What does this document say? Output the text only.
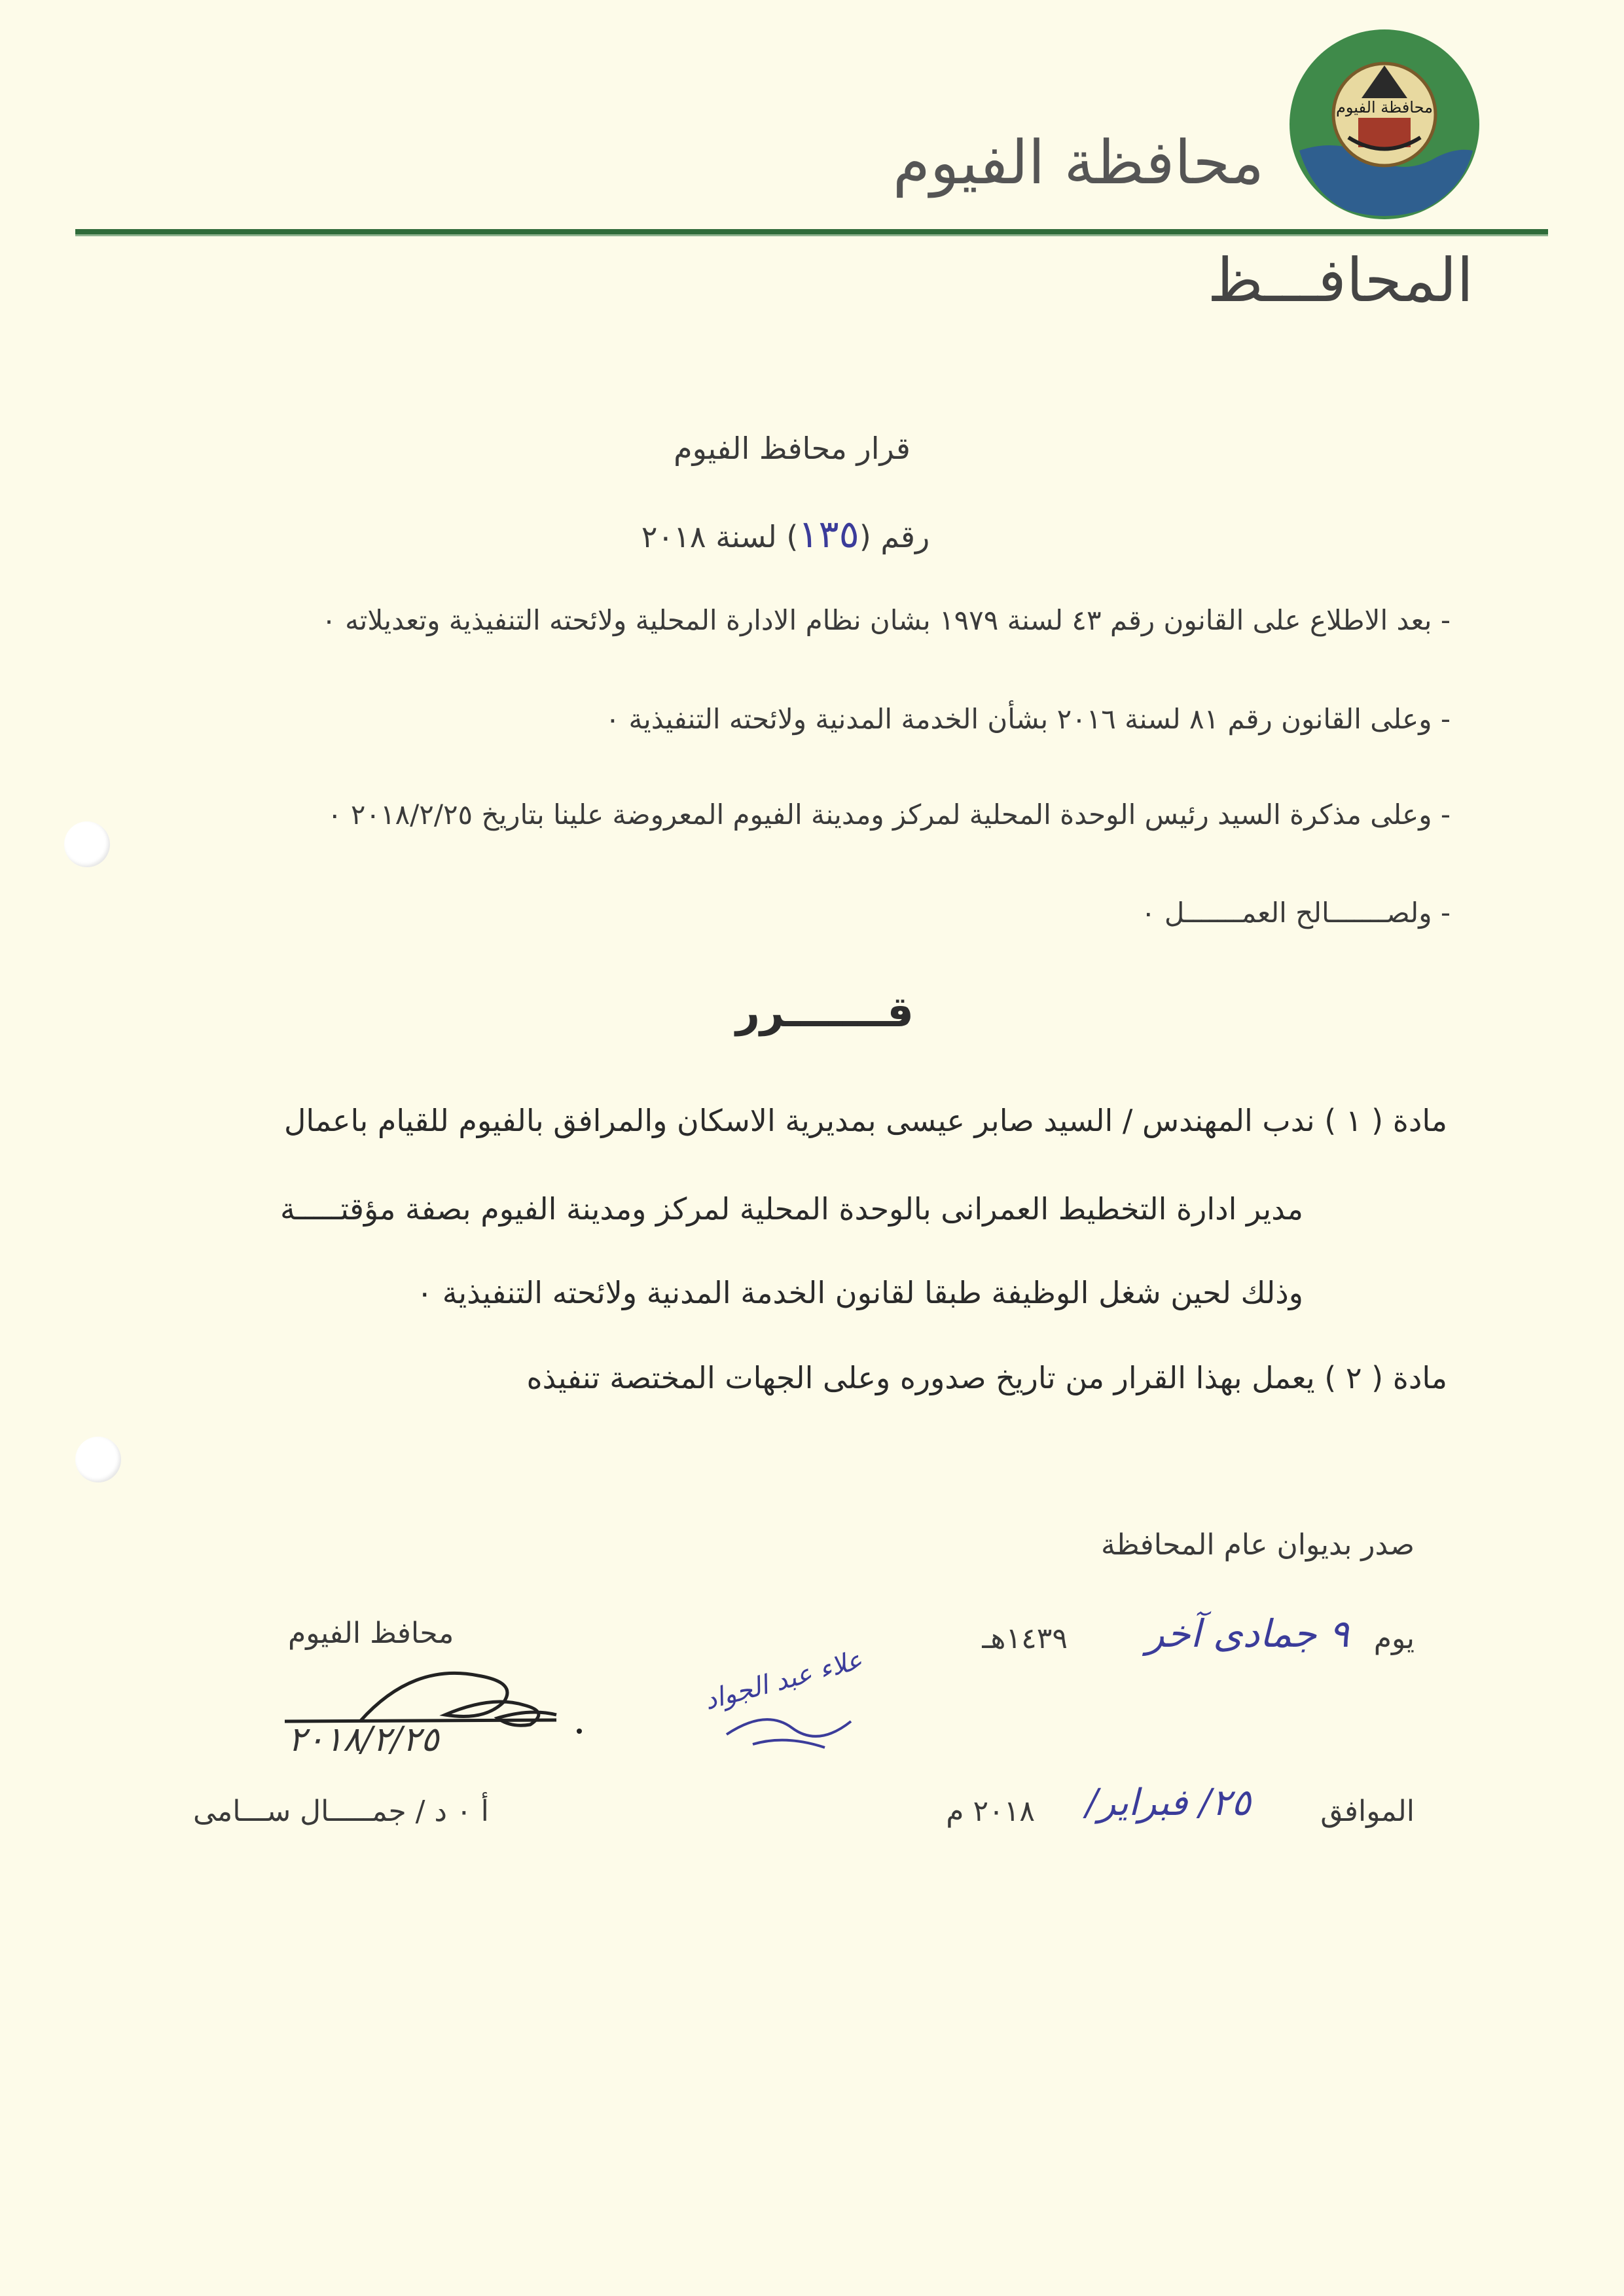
محافظة الفيوم
محافظة الفيوم
المحافـــظ
قرار محافظ الفيوم
رقم (١٣٥) لسنة ٢٠١٨
- بعد الاطلاع على القانون رقم ٤٣ لسنة ١٩٧٩ بشان نظام الادارة المحلية ولائحته التنفيذية وتعديلاته ٠
- وعلى القانون رقم ٨١ لسنة ٢٠١٦ بشأن الخدمة المدنية ولائحته التنفيذية ٠
- وعلى مذكرة السيد رئيس الوحدة المحلية لمركز ومدينة الفيوم المعروضة علينا بتاريخ ٢٠١٨/٢/٢٥ ٠
- ولصـــــــالح العمـــــــل ٠
قـــــــرر
مادة ( ١ ) ندب المهندس / السيد صابر عيسى بمديرية الاسكان والمرافق بالفيوم للقيام باعمال
مدير ادارة التخطيط العمرانى بالوحدة المحلية لمركز ومدينة الفيوم بصفة مؤقتـــــة
وذلك لحين شغل الوظيفة طبقا لقانون الخدمة المدنية ولائحته التنفيذية ٠
مادة ( ٢ ) يعمل بهذا القرار من تاريخ صدوره وعلى الجهات المختصة تنفيذه
صدر بديوان عام المحافظة
يوم
٩ جمادى آخر
١٤٣٩هـ
الموافق
٢٥/ فبراير/
٢٠١٨ م
محافظ الفيوم
٢٠١٨/٢/٢٥
أ ٠ د / جمـــــال ســـامى
علاء عبد الجواد
